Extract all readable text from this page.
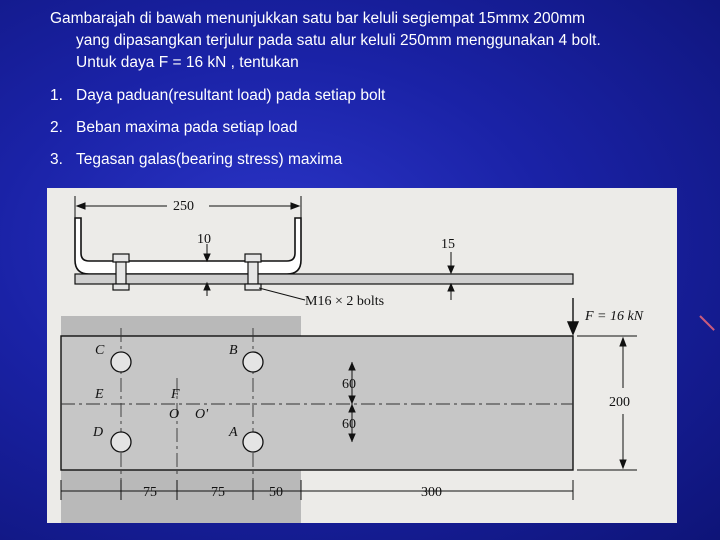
Gambarajah di bawah menunjukkan satu bar keluli segiempat 15mmx 200mm
yang dipasangkan terjulur pada satu alur keluli 250mm menggunakan 4 bolt.
Untuk daya F = 16 kN , tentukan
1. Daya paduan(resultant load) pada setiap bolt
2. Beban maxima pada setiap load
3. Tegasan galas(bearing stress) maxima
250
10	15
M16 × 2 bolts
C	B
E	F
O O'
D	A
60
60
F = 16 kN
200
75	75	50	300
